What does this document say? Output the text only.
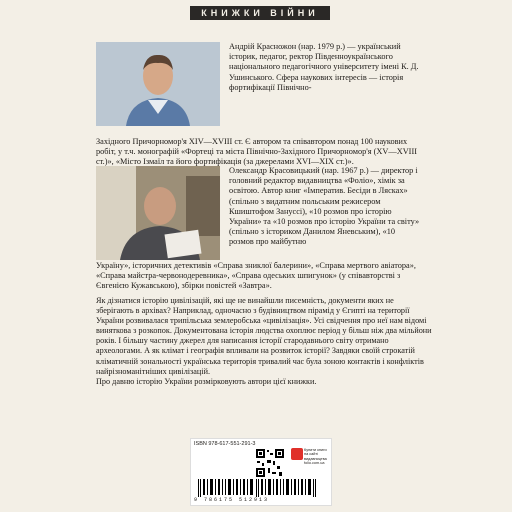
КНИЖКИ ВІЙНИ
Андрій Красножон (нар. 1979 р.) — український історик, педагог, ректор Південноукраїнського національного педагогічного університету імені К. Д. Ушинського. Сфера наукових інтересів — історія фортифікації Північно-
Західного Причорномор'я XIV—XVIII ст. Є автором та співавтором понад 100 наукових робіт, у т.ч. монографій «Фортеці та міста Північно-Західного Причорномор'я (XV—XVIII ст.)», «Місто Ізмаїл та його фортифікація (за джерелами XVI—XIX ст.)».
Олександр Красовицький (нар. 1967 р.) — директор і головний редактор видавництва «Фоліо», хімік за освітою. Автор книг «Імператив. Бесіди в Лясках» (спільно з видатним польським режисером Кшиштофом Занусcі), «10 розмов про історію України» та «10 розмов про історію України та світу» (спільно з істориком Данилом Яневським), «10 розмов про майбутню
Україну», історичних детективів «Справа зниклої балерини», «Справа мертвого авіатора», «Справа майстра-червонодеревника», «Справа одеських шпигунок» (у співавторстві з Євгенією Кужавською), збірки повістей «Завтра».

Як дізнатися історію цивілізацій, які ще не винайшли писемність, документи яких не зберігають в архівах? Наприклад, одночасно з будівництвом пірамід у Єгипті на території України розвивалася трипільська землеробська «цивілізація». Усі свідчення про неї нам відомі виняткова з розкопок. Документована історія людства охоплює період у більш ніж два мільйони років. І більшу частину джерел для написання історії стародавнього світу отримано археологами. А як клімат і географія впливали на розвиток історії? Завдяки своїй строкатій кліматичній зональності українська територія тривалий час була зоною контактів і конфліктів найрізноманітніших цивілізацій.

Про давню історію України розмірковують автори цієї книжки.

ISBN 978-617-551-291-3
Купити книги на сайті видавництва folio.com.ua
9 786175 512913
